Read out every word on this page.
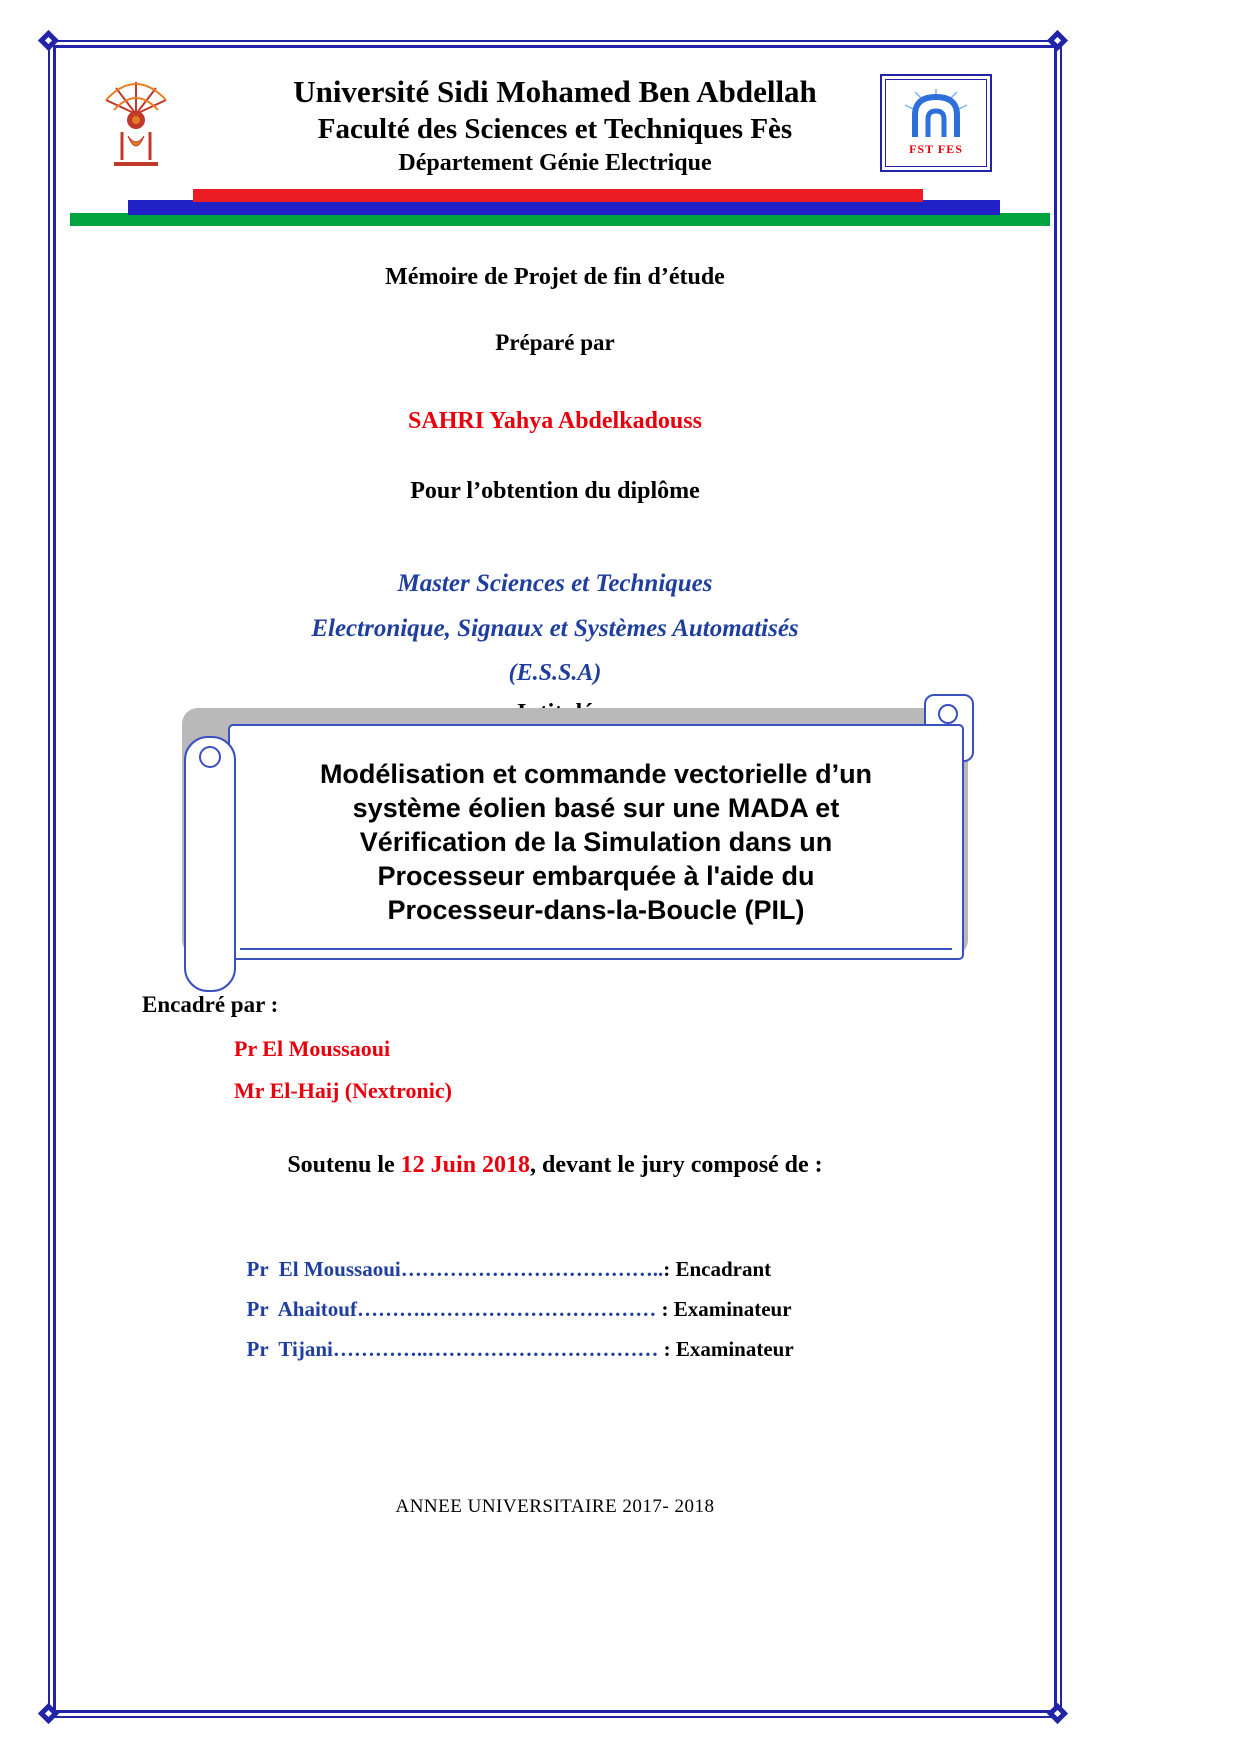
Université Sidi Mohamed Ben Abdellah
Faculté des Sciences et Techniques Fès
Département Génie Electrique
FST FES
Mémoire de Projet de fin d’étude
Préparé par
SAHRI Yahya Abdelkadouss
Pour l’obtention du diplôme
Master Sciences et Techniques
Electronique, Signaux et Systèmes Automatisés
(E.S.S.A)
Modélisation et commande vectorielle d’un
système éolien basé sur une MADA et
Vérification de la Simulation dans un
Processeur embarquée à l'aide du
Processeur-dans-la-Boucle (PIL)
Encadré par :
Pr El Moussaoui
Mr El-Haij (Nextronic)
Soutenu le 12 Juin 2018, devant le jury composé de :

Pr  El Moussaoui………………………………..: Encadrant

Pr  Ahaitouf……….…………………………… : Examinateur

Pr  Tijani…………..…………………………… : Examinateur

ANNEE UNIVERSITAIRE 2017- 2018
